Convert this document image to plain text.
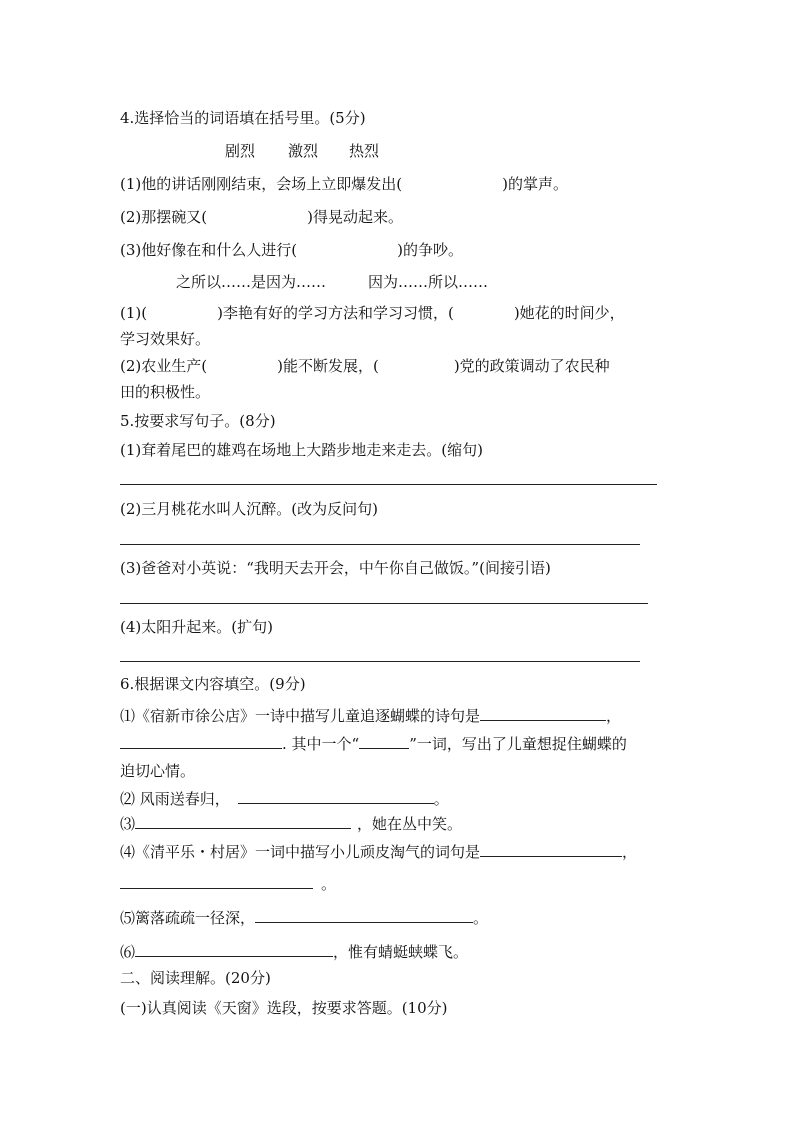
4.选择恰当的词语填在括号里。(5分)
剧烈 激烈 热烈
(1)他的讲话刚刚结束，会场上立即爆发出(	)的掌声。
(2)那摆碗又(	)得晃动起来。
(3)他好像在和什么人进行(	)的争吵。
之所以……是因为……	因为……所以……
(1)(	)李艳有好的学习方法和学习习惯，(	)她花的时间少，
学习效果好。
(2)农业生产(	)能不断发展，(	)党的政策调动了农民种
田的积极性。
5.按要求写句子。(8分)
(1)耷着尾巴的雄鸡在场地上大踏步地走来走去。(缩句)
(2)三月桃花水叫人沉醉。(改为反问句)
(3)爸爸对小英说：“我明天去开会，中午你自己做饭。”(间接引语)
(4)太阳升起来。(扩句)
6.根据课文内容填空。(9分)
⑴《宿新市徐公店》一诗中描写儿童追逐蝴蝶的诗句是	，
. 其中一个“	”一词，写出了儿童想捉住蝴蝶的
迫切心情。
⑵ 风雨送春归，	。
⑶	，她在丛中笑。
⑷《清平乐・村居》一词中描写小儿顽皮淘气的词句是	，
。
⑸篱落疏疏一径深，	。
⑹	，惟有蜻蜓蛱蝶飞。
二、阅读理解。(20分)
(一)认真阅读《天窗》选段，按要求答题。(10分)
